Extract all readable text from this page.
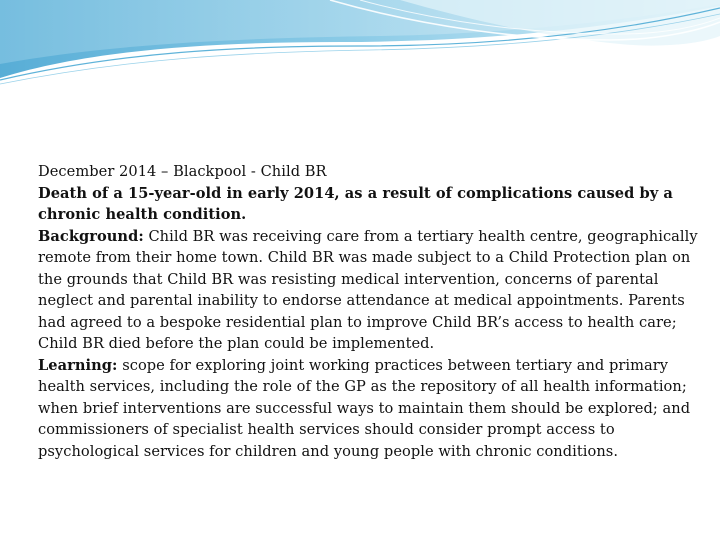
December 2014 – Blackpool - Child BR

Death of a 15-year-old in early 2014, as a result of complications caused by a chronic health condition.

Background: Child BR was receiving care from a tertiary health centre, geographically remote from their home town. Child BR was made subject to a Child Protection plan on the grounds that Child BR was resisting medical intervention, concerns of parental neglect and parental inability to endorse attendance at medical appointments. Parents had agreed to a bespoke residential plan to improve Child BR’s access to health care; Child BR died before the plan could be implemented.

Learning: scope for exploring joint working practices between tertiary and primary health services, including the role of the GP as the repository of all health information; when brief interventions are successful ways to maintain them should be explored; and commissioners of specialist health services should consider prompt access to psychological services for children and young people with chronic conditions.
